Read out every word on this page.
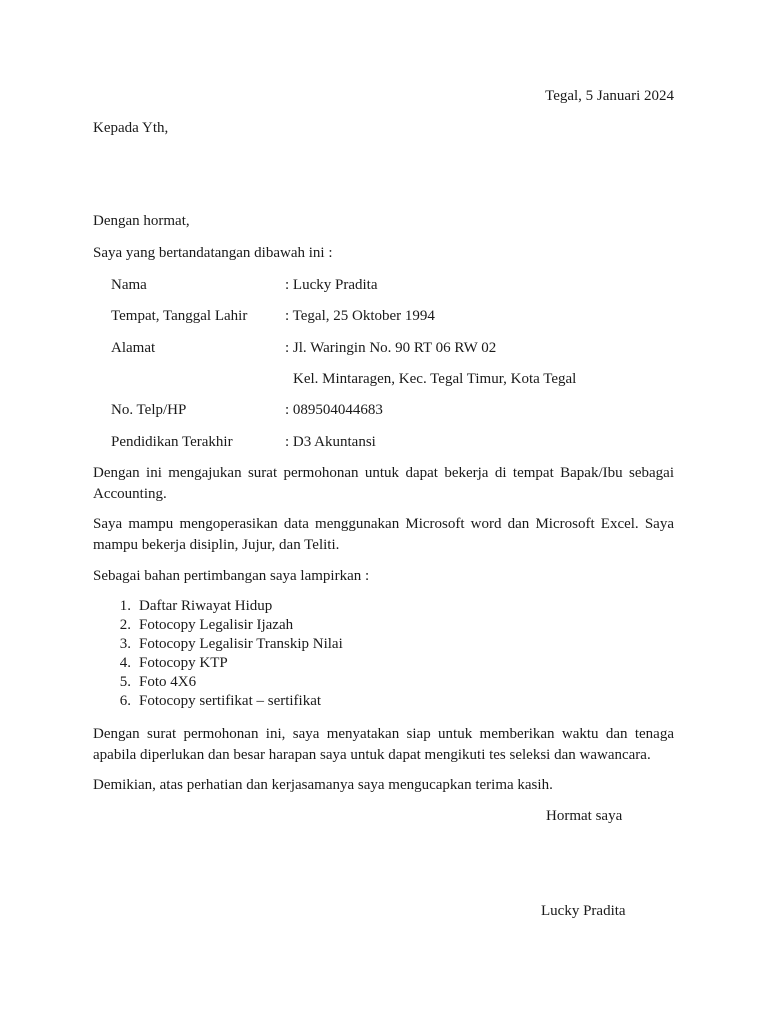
Tegal, 5 Januari 2024
Kepada Yth,
Dengan hormat,
Saya yang bertandatangan dibawah ini :
Nama	: Lucky Pradita
Tempat, Tanggal Lahir	: Tegal, 25 Oktober 1994
Alamat	: Jl. Waringin No. 90 RT 06 RW 02
Kel. Mintaragen, Kec. Tegal Timur, Kota Tegal
No. Telp/HP	: 089504044683
Pendidikan Terakhir	: D3 Akuntansi
Dengan ini mengajukan surat permohonan untuk dapat bekerja di tempat Bapak/Ibu sebagai Accounting.
Saya mampu mengoperasikan data menggunakan Microsoft word dan Microsoft Excel. Saya mampu bekerja disiplin, Jujur, dan Teliti.
Sebagai bahan pertimbangan saya lampirkan :
1. Daftar Riwayat Hidup
2. Fotocopy Legalisir Ijazah
3. Fotocopy Legalisir Transkip Nilai
4. Fotocopy KTP
5. Foto 4X6
6. Fotocopy sertifikat – sertifikat
Dengan surat permohonan ini, saya menyatakan siap untuk memberikan waktu dan tenaga apabila diperlukan dan besar harapan saya untuk dapat mengikuti tes seleksi dan wawancara.
Demikian, atas perhatian dan kerjasamanya saya mengucapkan terima kasih.
Hormat saya
Lucky Pradita
